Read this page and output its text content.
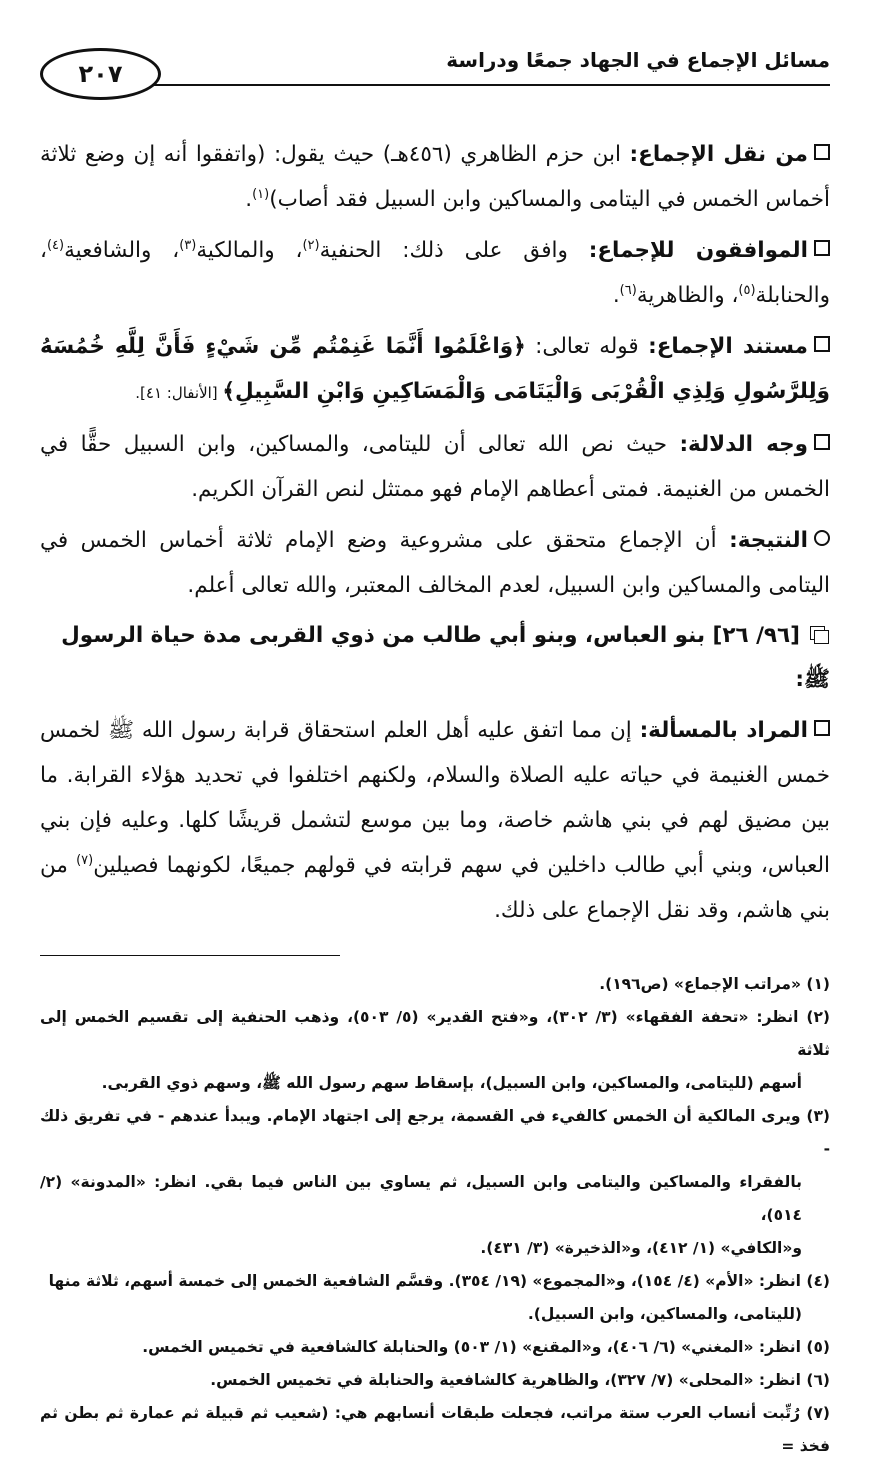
٢٠٧	مسائل الإجماع في الجهاد جمعًا ودراسة

من نقل الإجماع: ابن حزم الظاهري (٤٥٦هـ) حيث يقول: (واتفقوا أنه إن وضع ثلاثة أخماس الخمس في اليتامى والمساكين وابن السبيل فقد أصاب)$^{(١)}$.

الموافقون للإجماع: وافق على ذلك: الحنفية$^{(٢)}$، والمالكية$^{(٣)}$، والشافعية$^{(٤)}$، والحنابلة$^{(٥)}$، والظاهرية$^{(٦)}$.

مستند الإجماع: قوله تعالى: ﴿وَاعْلَمُوا أَنَّمَا غَنِمْتُم مِّن شَيْءٍ فَأَنَّ لِلَّهِ خُمُسَهُ وَلِلرَّسُولِ وَلِذِي الْقُرْبَى وَالْيَتَامَى وَالْمَسَاكِينِ وَابْنِ السَّبِيلِ﴾ [الأنفال: ٤١].

وجه الدلالة: حيث نص الله تعالى أن لليتامى، والمساكين، وابن السبيل حقًّا في الخمس من الغنيمة. فمتى أعطاهم الإمام فهو ممتثل لنص القرآن الكريم.

النتيجة: أن الإجماع متحقق على مشروعية وضع الإمام ثلاثة أخماس الخمس في اليتامى والمساكين وابن السبيل، لعدم المخالف المعتبر، والله تعالى أعلم.

[٩٦/ ٢٦] بنو العباس، وبنو أبي طالب من ذوي القربى مدة حياة الرسول ﷺ:

المراد بالمسألة: إن مما اتفق عليه أهل العلم استحقاق قرابة رسول الله ﷺ لخمس خمس الغنيمة في حياته عليه الصلاة والسلام، ولكنهم اختلفوا في تحديد هؤلاء القرابة. ما بين مضيق لهم في بني هاشم خاصة، وما بين موسع لتشمل قريشًا كلها. وعليه فإن بني العباس، وبني أبي طالب داخلين في سهم قرابته في قولهم جميعًا، لكونهما فصيلين$^{(٧)}$ من بني هاشم، وقد نقل الإجماع على ذلك.

(١) «مراتب الإجماع» (ص١٩٦).

(٢) انظر: «تحفة الفقهاء» (٣/ ٣٠٢)، و«فتح القدير» (٥/ ٥٠٣)، وذهب الحنفية إلى تقسيم الخمس إلى ثلاثة

أسهم (لليتامى، والمساكين، وابن السبيل)، بإسقاط سهم رسول الله ﷺ، وسهم ذوي القربى.

(٣) ويرى المالكية أن الخمس كالفيء في القسمة، يرجع إلى اجتهاد الإمام. ويبدأ عندهم - في تفريق ذلك -

بالفقراء والمساكين واليتامى وابن السبيل، ثم يساوي بين الناس فيما بقي. انظر: «المدونة» (٢/ ٥١٤)،

و«الكافي» (١/ ٤١٢)، و«الذخيرة» (٣/ ٤٣١).

(٤) انظر: «الأم» (٤/ ١٥٤)، و«المجموع» (١٩/ ٣٥٤). وقسَّم الشافعية الخمس إلى خمسة أسهم، ثلاثة منها

(لليتامى، والمساكين، وابن السبيل).

(٥) انظر: «المغني» (٦/ ٤٠٦)، و«المقنع» (١/ ٥٠٣) والحنابلة كالشافعية في تخميس الخمس.

(٦) انظر: «المحلى» (٧/ ٣٢٧)، والظاهرية كالشافعية والحنابلة في تخميس الخمس.

(٧) رُتِّبت أنساب العرب ستة مراتب، فجعلت طبقات أنسابهم هي: (شعيب ثم قبيلة ثم عمارة ثم بطن ثم فخذ =
